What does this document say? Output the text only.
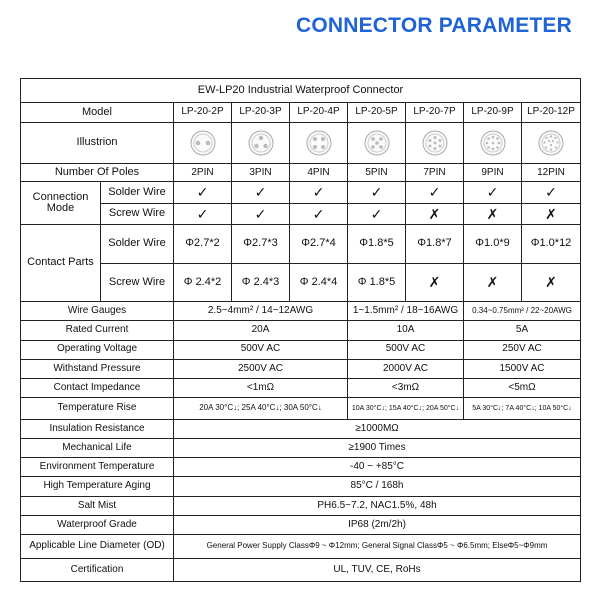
CONNECTOR PARAMETER
EW-LP20 Industrial Waterproof Connector								
Model		LP-20-2P	LP-20-3P	LP-20-4P	LP-20-5P	LP-20-7P	LP-20-9P	LP-20-12P
Illustrion	

Number Of Poles		2PIN	3PIN	4PIN	5PIN	7PIN	9PIN	12PIN
Connection Mode	Solder Wire	✓	✓	✓	✓	✓	✓	✓
	Screw Wire	✓	✓	✓	✓	✗	✗	✗
Contact Parts	Solder Wire	Φ2.7*2	Φ2.7*3	Φ2.7*4	Φ1.8*5	Φ1.8*7	Φ1.0*9	Φ1.0*12
	Screw Wire	Φ 2.4*2	Φ 2.4*3	Φ 2.4*4	Φ 1.8*5	✗	✗	✗
Wire Gauges		2.5~4mm² / 14~12AWG			1~1.5mm² / 18~16AWG		0.34~0.75mm² / 22~20AWG	
Rated Current		20A			10A		5A	
Operating Voltage		500V AC			500V AC		250V AC	
Withstand Pressure		2500V AC			2000V AC		1500V AC	
Contact Impedance		<1mΩ			<3mΩ		<5mΩ	
Temperature Rise		20A 30°C↓; 25A 40°C↓; 30A 50°C↓			10A 30°C↓; 15A 40°C↓; 20A 50°C↓		5A 30°C↓; 7A 40°C↓; 10A 50°C↓	
Insulation Resistance		≥1000MΩ						
Mechanical Life		≥1900 Times						
Environment Temperature		-40 ~ +85°C						
High Temperature Aging		85°C / 168h						
Salt Mist		PH6.5~7.2, NAC1.5%, 48h						
Waterproof Grade		IP68 (2m/2h)						
Applicable Line Diameter (OD)		General Power Supply ClassΦ9 ~ Φ12mm; General Signal ClassΦ5 ~ Φ6.5mm; ElseΦ5~Φ9mm						
Certification		UL, TUV, CE, RoHs						
